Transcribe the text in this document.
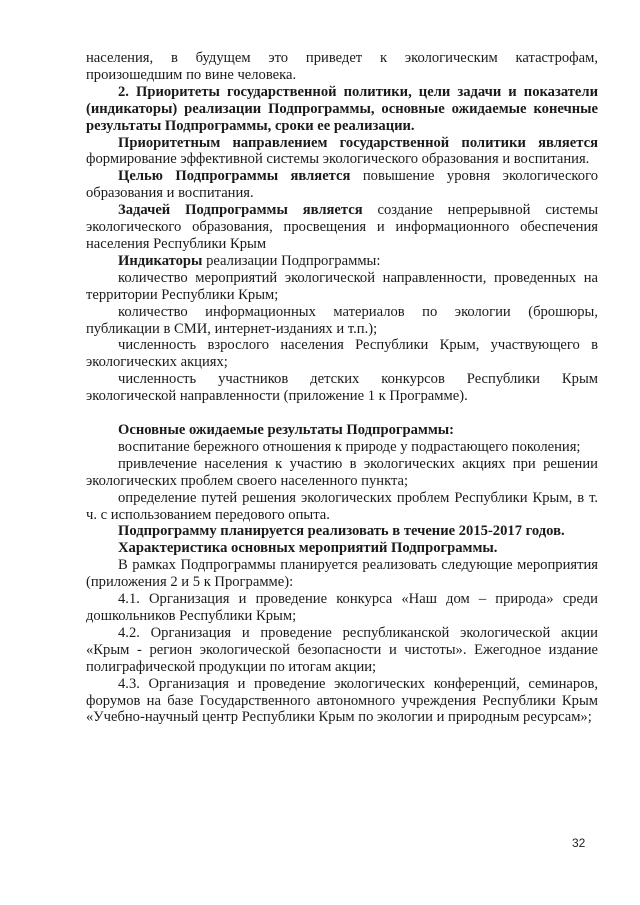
населения, в будущем это приведет к экологическим катастрофам, произошедшим по вине человека.

2. Приоритеты государственной политики, цели задачи и показатели (индикаторы) реализации Подпрограммы, основные ожидаемые конечные результаты Подпрограммы, сроки ее реализации.

Приоритетным направлением государственной политики является формирование эффективной системы экологического образования и воспитания.

Целью Подпрограммы является повышение уровня экологического образования и воспитания.

Задачей Подпрограммы является создание непрерывной системы экологического образования, просвещения и информационного обеспечения населения Республики Крым

Индикаторы реализации Подпрограммы:

количество мероприятий экологической направленности, проведенных на территории Республики Крым;

количество информационных материалов по экологии (брошюры, публикации в СМИ, интернет-изданиях и т.п.);

численность взрослого населения Республики Крым, участвующего в экологических акциях;

численность участников детских конкурсов Республики Крым экологической направленности (приложение 1 к Программе).

Основные ожидаемые результаты Подпрограммы:

воспитание бережного отношения к природе у подрастающего поколения;

привлечение населения к участию в экологических акциях при решении экологических проблем своего населенного пункта;

определение путей решения экологических проблем Республики Крым, в т. ч. с использованием передового опыта.

Подпрограмму планируется реализовать в течение 2015-2017 годов.

Характеристика основных мероприятий Подпрограммы.

В рамках Подпрограммы планируется реализовать следующие мероприятия (приложения 2 и 5 к Программе):

4.1. Организация и проведение конкурса «Наш дом – природа» среди дошкольников Республики Крым;

4.2. Организация и проведение республиканской экологической акции «Крым - регион экологической безопасности и чистоты». Ежегодное издание полиграфической продукции по итогам акции;

4.3. Организация и проведение экологических конференций, семинаров, форумов на базе Государственного автономного учреждения Республики Крым «Учебно-научный центр Республики Крым по экологии и природным ресурсам»;

32
